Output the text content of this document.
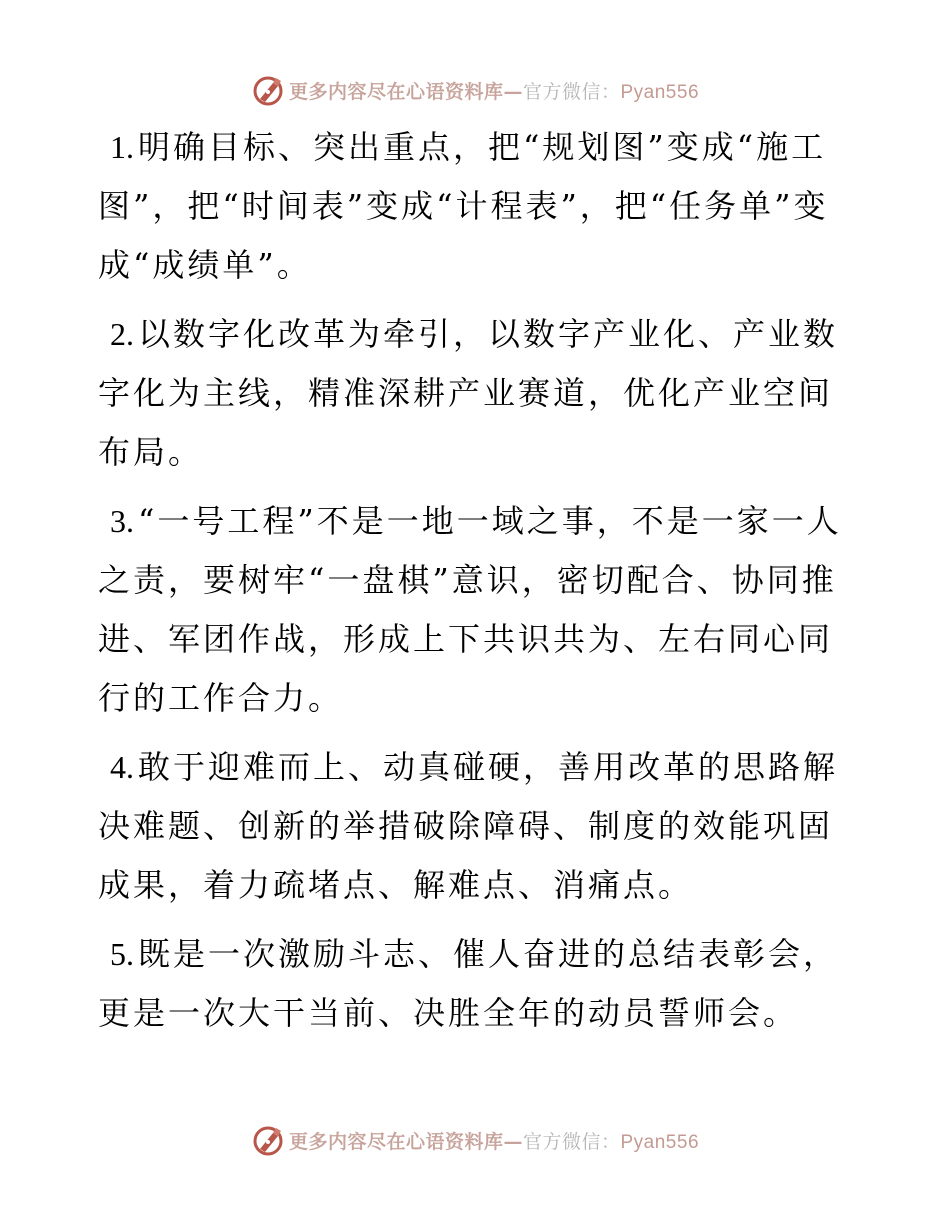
更多内容尽在心语资料库—官方微信：Pyan556

1. 明确目标、突出重点，把“规划图”变成“施工图”，把“时间表”变成“计程表”，把“任务单”变成“成绩单”。

2. 以数字化改革为牵引，以数字产业化、产业数字化为主线，精准深耕产业赛道，优化产业空间布局。

3. “一号工程”不是一地一域之事，不是一家一人之责，要树牢“一盘棋”意识，密切配合、协同推进、军团作战，形成上下共识共为、左右同心同行的工作合力。

4. 敢于迎难而上、动真碰硬，善用改革的思路解决难题、创新的举措破除障碍、制度的效能巩固成果，着力疏堵点、解难点、消痛点。

5. 既是一次激励斗志、催人奋进的总结表彰会，更是一次大干当前、决胜全年的动员誓师会。

更多内容尽在心语资料库—官方微信：Pyan556
